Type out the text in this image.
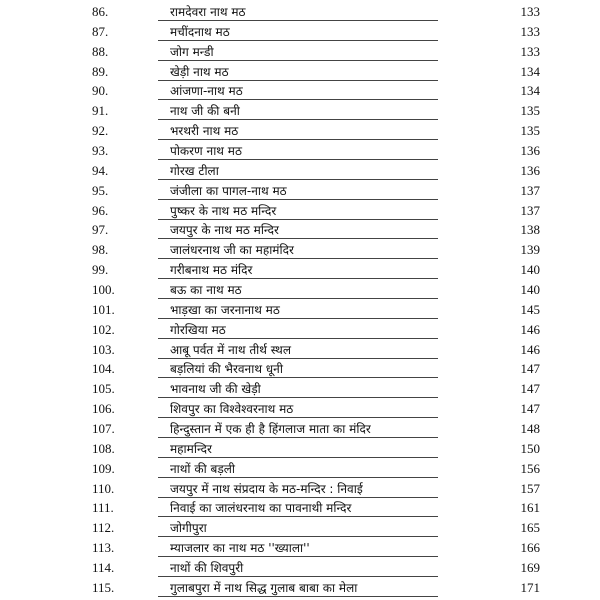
86.	रामदेवरा नाथ मठ	133
87.	मचींदनाथ मठ	133
88.	जोग मन्डी	133
89.	खेड़ी नाथ मठ	134
90.	आंजणा-नाथ मठ	134
91.	नाथ जी की बनी	135
92.	भरथरी नाथ मठ	135
93.	पोकरण नाथ मठ	136
94.	गोरख टीला	136
95.	जंजीला का पागल-नाथ मठ	137
96.	पुष्कर के नाथ मठ मन्दिर	137
97.	जयपुर के नाथ मठ मन्दिर	138
98.	जालंधरनाथ जी का महामंदिर	139
99.	गरीबनाथ मठ मंदिर	140
100.	बऊ का नाथ मठ	140
101.	भाड़खा का जरनानाथ मठ	145
102.	गोरखिया मठ	146
103.	आबू पर्वत में नाथ तीर्थ स्थल	146
104.	बड़लियां की भैरवनाथ धूनी	147
105.	भावनाथ जी की खेड़ी	147
106.	शिवपुर का विश्वेश्वरनाथ मठ	147
107.	हिन्दुस्तान में एक ही है हिंगलाज माता का मंदिर	148
108.	महामन्दिर	150
109.	नाथों की बड़ली	156
110.	जयपुर में नाथ संप्रदाय के मठ-मन्दिर : निवाई	157
111.	निवाई का जालंधरनाथ का पावनाथी मन्दिर	161
112.	जोगीपुरा	165
113.	म्याजलार का नाथ मठ ''ख्याला''	166
114.	नाथों की शिवपुरी	169
115.	गुलाबपुरा में नाथ सिद्ध गुलाब बाबा का मेला	171
